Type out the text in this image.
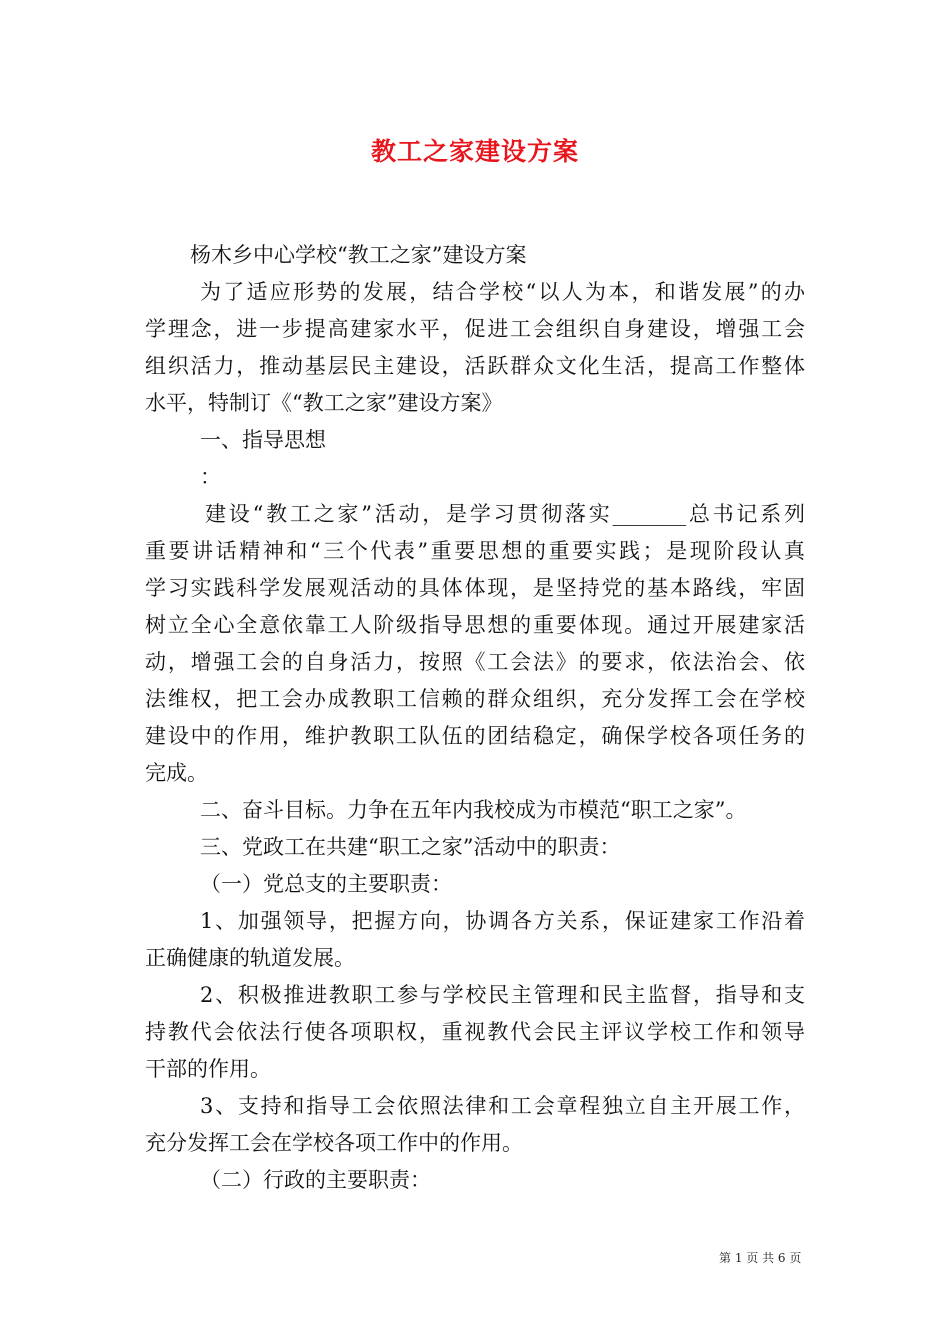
教工之家建设方案
杨木乡中心学校“教工之家”建设方案
为了适应形势的发展，结合学校“以人为本，和谐发展”的办
学理念，进一步提高建家水平，促进工会组织自身建设，增强工会
组织活力，推动基层民主建设，活跃群众文化生活，提高工作整体
水平，特制订《“教工之家”建设方案》
一、指导思想
：
建设“教工之家”活动，是学习贯彻落实_______总书记系列
重要讲话精神和“三个代表”重要思想的重要实践；是现阶段认真
学习实践科学发展观活动的具体体现，是坚持党的基本路线，牢固
树立全心全意依靠工人阶级指导思想的重要体现。通过开展建家活
动，增强工会的自身活力，按照《工会法》的要求，依法治会、依
法维权，把工会办成教职工信赖的群众组织，充分发挥工会在学校
建设中的作用，维护教职工队伍的团结稳定，确保学校各项任务的
完成。
二、奋斗目标。力争在五年内我校成为市模范“职工之家”。
三、党政工在共建“职工之家”活动中的职责：
（一）党总支的主要职责：
1、加强领导，把握方向，协调各方关系，保证建家工作沿着
正确健康的轨道发展。
2、积极推进教职工参与学校民主管理和民主监督，指导和支
持教代会依法行使各项职权，重视教代会民主评议学校工作和领导
干部的作用。
3、支持和指导工会依照法律和工会章程独立自主开展工作，
充分发挥工会在学校各项工作中的作用。
（二）行政的主要职责：
第 1 页 共 6 页
